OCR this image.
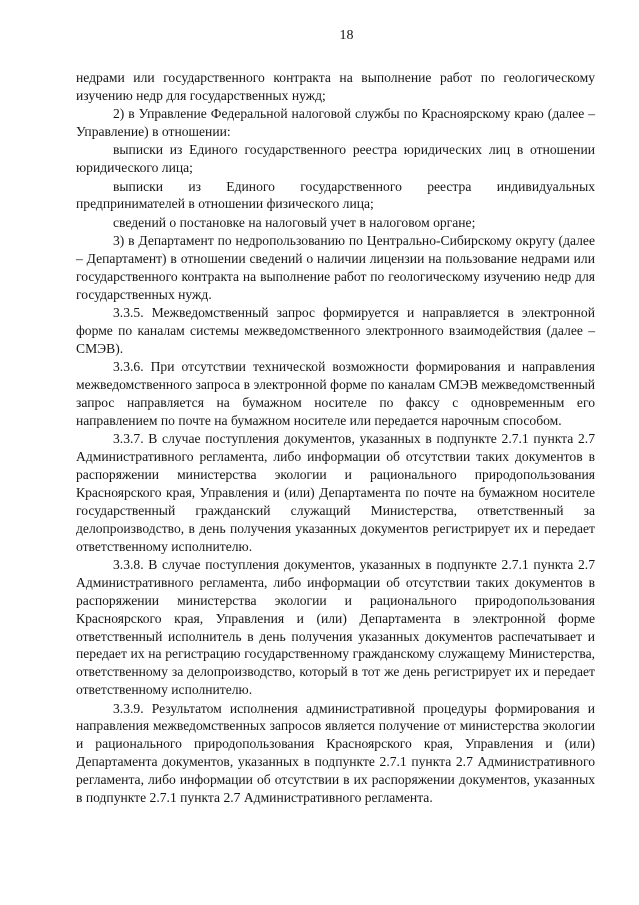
18

недрами или государственного контракта на выполнение работ по геологическому изучению недр для государственных нужд;

2) в Управление Федеральной налоговой службы по Красноярскому краю (далее – Управление) в отношении:

выписки из Единого государственного реестра юридических лиц в отношении юридического лица;

выписки из Единого государственного реестра индивидуальных предпринимателей в отношении физического лица;

сведений о постановке на налоговый учет в налоговом органе;

3) в Департамент по недропользованию по Центрально-Сибирскому округу (далее – Департамент) в отношении сведений о наличии лицензии на пользование недрами или государственного контракта на выполнение работ по геологическому изучению недр для государственных нужд.

3.3.5. Межведомственный запрос формируется и направляется в электронной форме по каналам системы межведомственного электронного взаимодействия (далее – СМЭВ).

3.3.6. При отсутствии технической возможности формирования и направления межведомственного запроса в электронной форме по каналам СМЭВ межведомственный запрос направляется на бумажном носителе по факсу с одновременным его направлением по почте на бумажном носителе или передается нарочным способом.

3.3.7. В случае поступления документов, указанных в подпункте 2.7.1 пункта 2.7 Административного регламента, либо информации об отсутствии таких документов в распоряжении министерства экологии и рационального природопользования Красноярского края, Управления и (или) Департамента по почте на бумажном носителе государственный гражданский служащий Министерства, ответственный за делопроизводство, в день получения указанных документов регистрирует их и передает ответственному исполнителю.

3.3.8. В случае поступления документов, указанных в подпункте 2.7.1 пункта 2.7 Административного регламента, либо информации об отсутствии таких документов в распоряжении министерства экологии и рационального природопользования Красноярского края, Управления и (или) Департамента в электронной форме ответственный исполнитель в день получения указанных документов распечатывает и передает их на регистрацию государственному гражданскому служащему Министерства, ответственному за делопроизводство, который в тот же день регистрирует их и передает ответственному исполнителю.

3.3.9. Результатом исполнения административной процедуры формирования и направления межведомственных запросов является получение от министерства экологии и рационального природопользования Красноярского края, Управления и (или) Департамента документов, указанных в подпункте 2.7.1 пункта 2.7 Административного регламента, либо информации об отсутствии в их распоряжении документов, указанных в подпункте 2.7.1 пункта 2.7 Административного регламента.
